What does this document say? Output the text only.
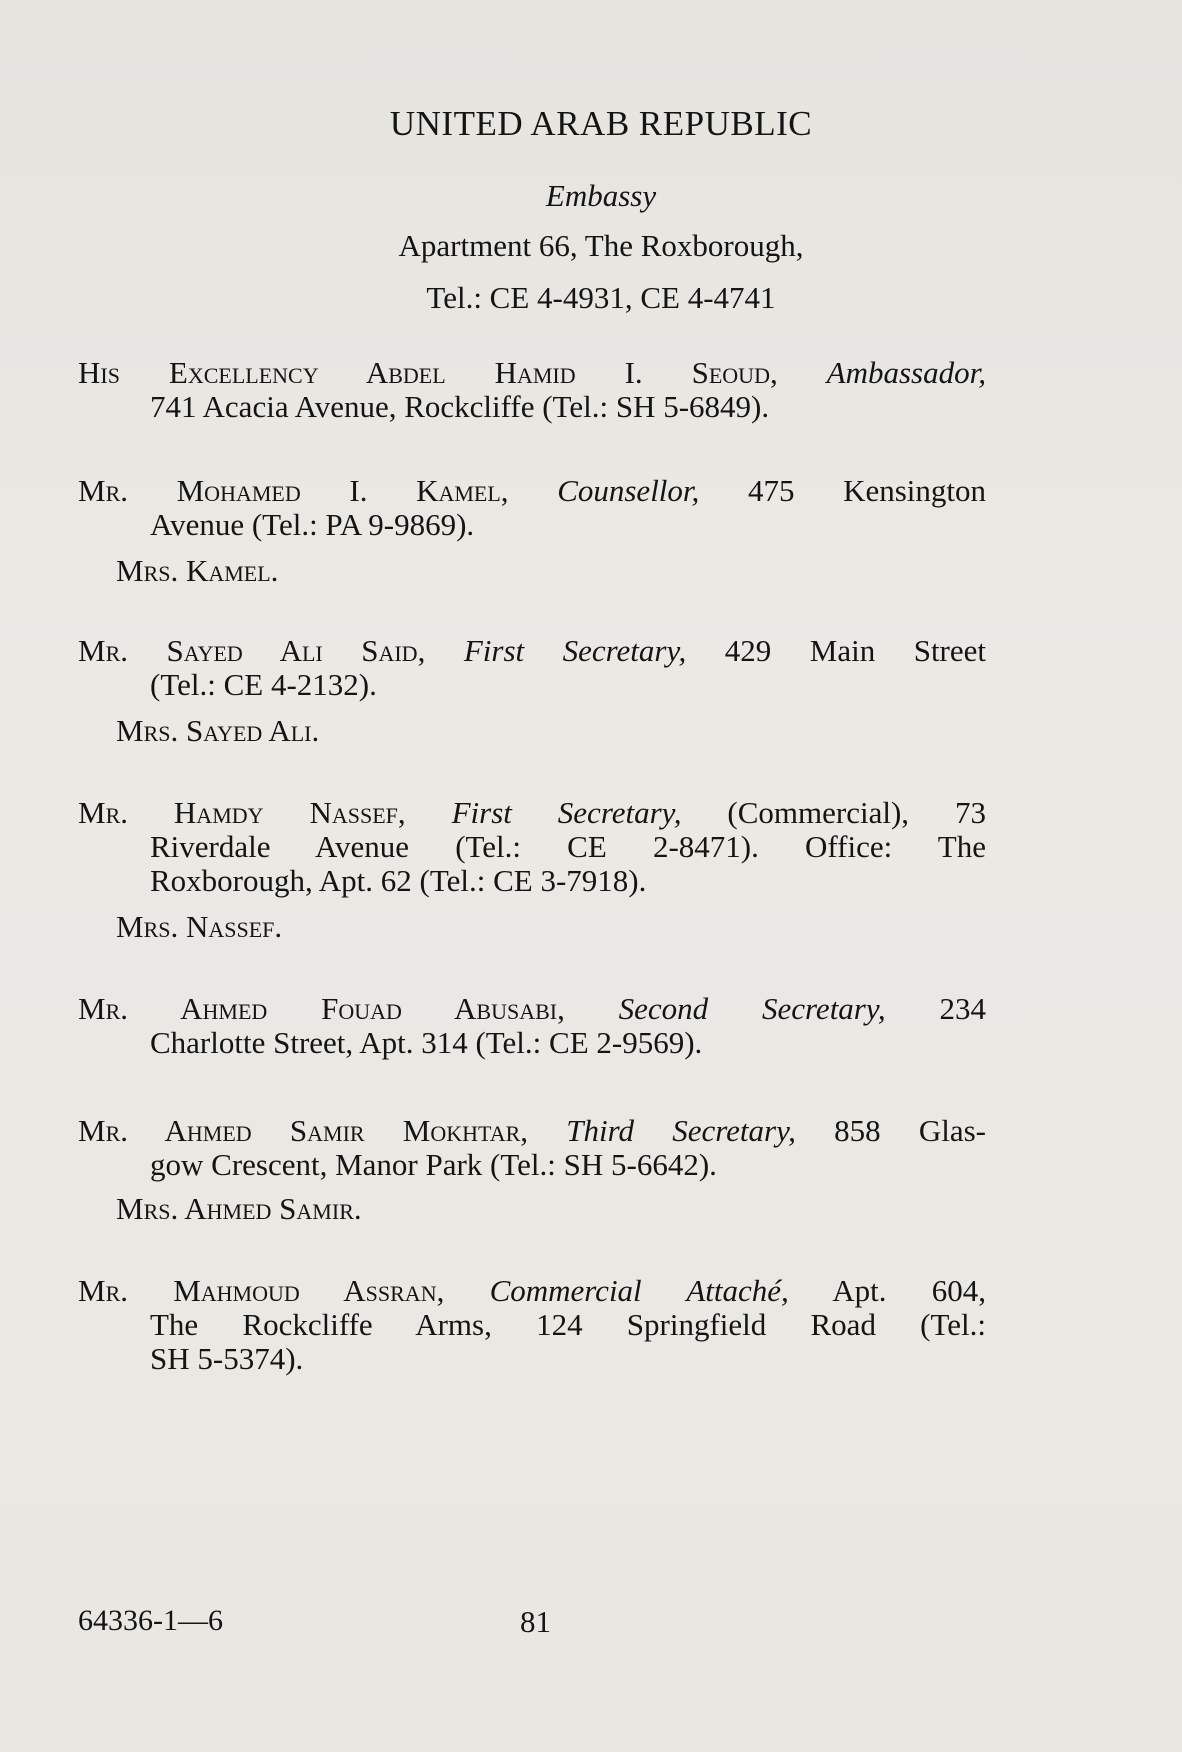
UNITED ARAB REPUBLIC
Embassy
Apartment 66, The Roxborough,
Tel.: CE 4-4931, CE 4-4741
His Excellency Abdel Hamid I. Seoud, Ambassador,
741 Acacia Avenue, Rockcliffe (Tel.: SH 5-6849).
Mr. Mohamed I. Kamel, Counsellor, 475 Kensington
Avenue (Tel.: PA 9-9869).
Mrs. Kamel.
Mr. Sayed Ali Said, First Secretary, 429 Main Street
(Tel.: CE 4-2132).
Mrs. Sayed Ali.
Mr. Hamdy Nassef, First Secretary, (Commercial), 73
Riverdale Avenue (Tel.: CE 2-8471). Office: The
Roxborough, Apt. 62 (Tel.: CE 3-7918).
Mrs. Nassef.
Mr. Ahmed Fouad Abusabi, Second Secretary, 234
Charlotte Street, Apt. 314 (Tel.: CE 2-9569).
Mr. Ahmed Samir Mokhtar, Third Secretary, 858 Glas-
gow Crescent, Manor Park (Tel.: SH 5-6642).
Mrs. Ahmed Samir.
Mr. Mahmoud Assran, Commercial Attaché, Apt. 604,
The Rockcliffe Arms, 124 Springfield Road (Tel.:
SH 5-5374).
64336-1—6	81
